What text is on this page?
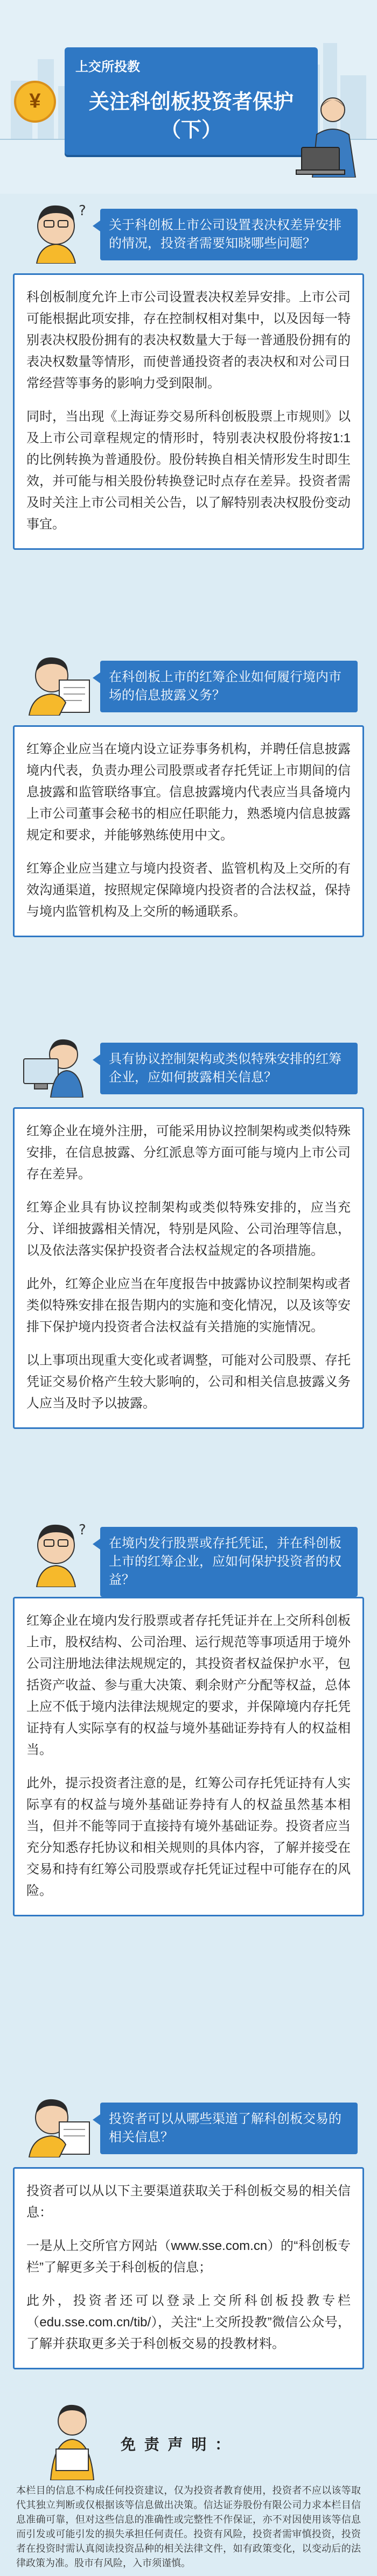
上交所投教
关注科创板投资者保护
（下）
¥
?
关于科创板上市公司设置表决权差异安排的情况，投资者需要知晓哪些问题？

科创板制度允许上市公司设置表决权差异安排。上市公司可能根据此项安排，存在控制权相对集中，以及因每一特别表决权股份拥有的表决权数量大于每一普通股份拥有的表决权数量等情形，而使普通投资者的表决权和对公司日常经营等事务的影响力受到限制。

同时，当出现《上海证券交易所科创板股票上市规则》以及上市公司章程规定的情形时，特别表决权股份将按1:1的比例转换为普通股份。股份转换自相关情形发生时即生效，并可能与相关股份转换登记时点存在差异。投资者需及时关注上市公司相关公告，以了解特别表决权股份变动事宜。

在科创板上市的红筹企业如何履行境内市场的信息披露义务？

红筹企业应当在境内设立证券事务机构，并聘任信息披露境内代表，负责办理公司股票或者存托凭证上市期间的信息披露和监管联络事宜。信息披露境内代表应当具备境内上市公司董事会秘书的相应任职能力，熟悉境内信息披露规定和要求，并能够熟练使用中文。

红筹企业应当建立与境内投资者、监管机构及上交所的有效沟通渠道，按照规定保障境内投资者的合法权益，保持与境内监管机构及上交所的畅通联系。

具有协议控制架构或类似特殊安排的红筹企业，应如何披露相关信息？

红筹企业在境外注册，可能采用协议控制架构或类似特殊安排，在信息披露、分红派息等方面可能与境内上市公司存在差异。

红筹企业具有协议控制架构或类似特殊安排的，应当充分、详细披露相关情况，特别是风险、公司治理等信息，以及依法落实保护投资者合法权益规定的各项措施。

此外，红筹企业应当在年度报告中披露协议控制架构或者类似特殊安排在报告期内的实施和变化情况，以及该等安排下保护境内投资者合法权益有关措施的实施情况。

以上事项出现重大变化或者调整，可能对公司股票、存托凭证交易价格产生较大影响的，公司和相关信息披露义务人应当及时予以披露。

?
在境内发行股票或存托凭证，并在科创板上市的红筹企业，应如何保护投资者的权益？

红筹企业在境内发行股票或者存托凭证并在上交所科创板上市，股权结构、公司治理、运行规范等事项适用于境外公司注册地法律法规规定的，其投资者权益保护水平，包括资产收益、参与重大决策、剩余财产分配等权益，总体上应不低于境内法律法规规定的要求，并保障境内存托凭证持有人实际享有的权益与境外基础证券持有人的权益相当。

此外，提示投资者注意的是，红筹公司存托凭证持有人实际享有的权益与境外基础证券持有人的权益虽然基本相当，但并不能等同于直接持有境外基础证券。投资者应当充分知悉存托协议和相关规则的具体内容，了解并接受在交易和持有红筹公司股票或存托凭证过程中可能存在的风险。

投资者可以从哪些渠道了解科创板交易的相关信息？

投资者可以从以下主要渠道获取关于科创板交易的相关信息：

一是从上交所官方网站（www.sse.com.cn）的“科创板专栏”了解更多关于科创板的信息；

此外，投资者还可以登录上交所科创板投教专栏（edu.sse.com.cn/tib/），关注“上交所投教”微信公众号，了解并获取更多关于科创板交易的投教材料。

免 责 声 明 ：
本栏目的信息不构成任何投资建议，仅为投资者教育使用，投资者不应以该等取代其独立判断或仅根据该等信息做出决策。信达证券股份有限公司力求本栏目信息准确可靠，但对这些信息的准确性或完整性不作保证，亦不对因使用该等信息而引发或可能引发的损失承担任何责任。投资有风险，投资者需审慎投资，投资者在投资时需认真阅读投资品种的相关法律文件，如有政策变化，以变动后的法律政策为准。股市有风险，入市须谨慎。
